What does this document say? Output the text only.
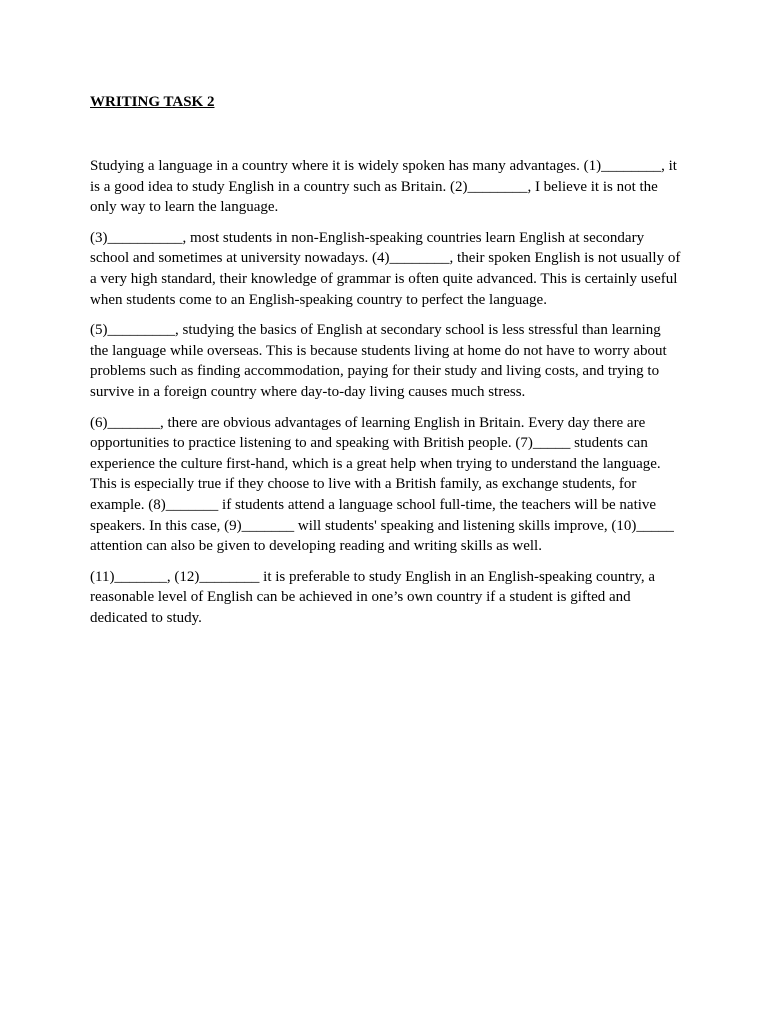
WRITING TASK 2

Studying a language in a country where it is widely spoken has many advantages. (1)________, it is a good idea to study English in a country such as Britain. (2)________, I believe it is not the only way to learn the language.

(3)__________, most students in non-English-speaking countries learn English at secondary school and sometimes at university nowadays. (4)________, their spoken English is not usually of a very high standard, their knowledge of grammar is often quite advanced. This is certainly useful when students come to an English-speaking country to perfect the language.

(5)_________, studying the basics of English at secondary school is less stressful than learning the language while overseas. This is because students living at home do not have to worry about problems such as finding accommodation, paying for their study and living costs, and trying to survive in a foreign country where day-to-day living causes much stress.

(6)_______, there are obvious advantages of learning English in Britain. Every day there are opportunities to practice listening to and speaking with British people. (7)_____ students can experience the culture first-hand, which is a great help when trying to understand the language. This is especially true if they choose to live with a British family, as exchange students, for example. (8)_______ if students attend a language school full-time, the teachers will be native speakers. In this case, (9)_______ will students' speaking and listening skills improve, (10)_____ attention can also be given to developing reading and writing skills as well.

(11)_______, (12)________ it is preferable to study English in an English-speaking country, a reasonable level of English can be achieved in one’s own country if a student is gifted and dedicated to study.
